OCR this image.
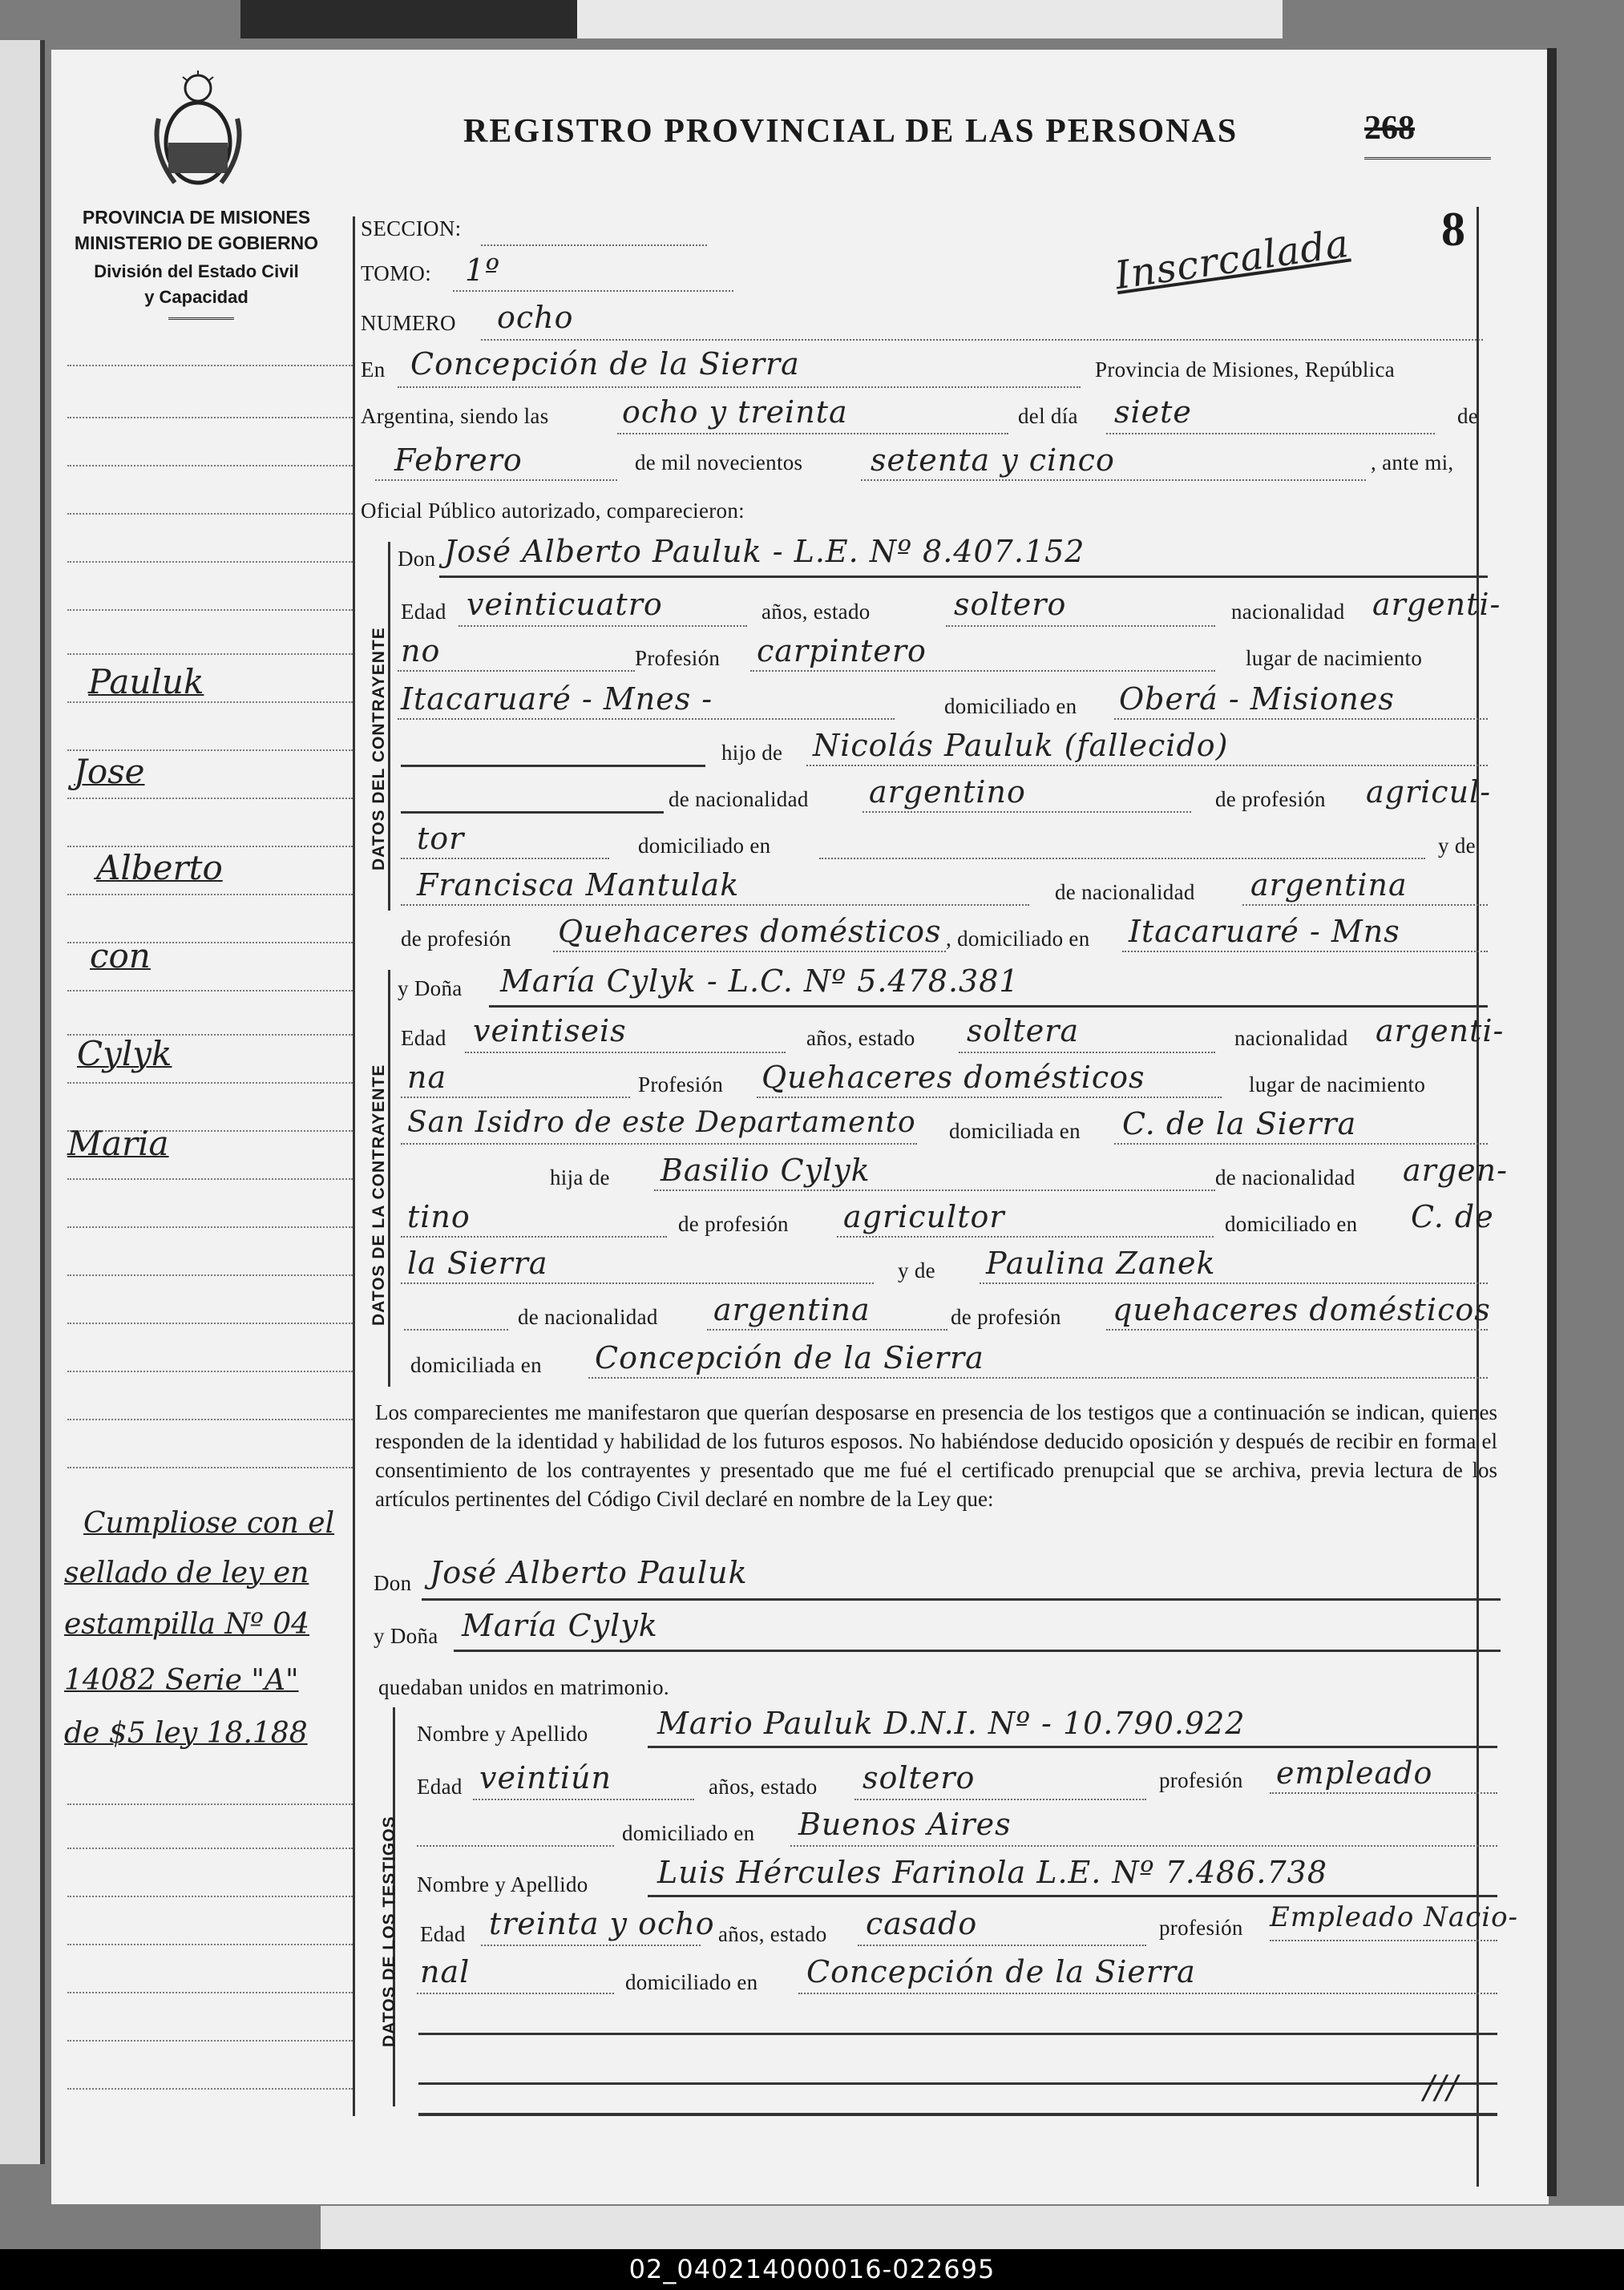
02_040214000016-022695
PROVINCIA DE MISIONES
MINISTERIO DE GOBIERNO
División del Estado Civil
y Capacidad
REGISTRO PROVINCIAL DE LAS PERSONAS	268
8
Inscrcalada
Pauluk
Jose
Alberto
con
Cylyk
Maria
Cumpliose con el
sellado de ley en
estampilla Nº 04
14082 Serie "A"
de $5 ley 18.188
SECCION:
TOMO: 1º
NUMERO ocho
En Concepción de la Sierra	Provincia de Misiones, República
Argentina, siendo las ocho y treinta	del día siete	de
Febrero	de mil novecientos setenta y cinco	, ante mi,
Oficial Público autorizado, comparecieron:
DATOS DEL CONTRAYENTE
Don José Alberto Pauluk - L.E. Nº 8.407.152
Edad veinticuatro	años, estado	soltero	nacionalidad argenti-
no	Profesión carpintero	lugar de nacimiento
Itacaruaré - Mnes -	domiciliado en Oberá - Misiones
hijo de Nicolás Pauluk (fallecido)
de nacionalidad argentino	de profesión agricul-
tor	domiciliado en	y de
Francisca Mantulak	de nacionalidad argentina
de profesión Quehaceres domésticos , domiciliado en Itacaruaré - Mns
DATOS DE LA CONTRAYENTE
y Doña María Cylyk - L.C. Nº 5.478.381
Edad veintiseis	años, estado soltera	nacionalidad argenti-
na	Profesión Quehaceres domésticos	lugar de nacimiento
San Isidro de este Departamento domiciliada en C. de la Sierra
hija de Basilio Cylyk	de nacionalidad argen-
tino	de profesión agricultor	domiciliado en C. de
la Sierra	y de Paulina Zanek
de nacionalidad argentina	de profesión quehaceres domésticos
domiciliada en Concepción de la Sierra
Los comparecientes me manifestaron que querían desposarse en presencia de los testigos que a continuación se indican, quienes responden de la identidad y habilidad de los futuros esposos. No habiéndose deducido oposición y después de recibir en forma el consentimiento de los contrayentes y presentado que me fué el certificado prenupcial que se archiva, previa lectura de los artículos pertinentes del Código Civil declaré en nombre de la Ley que:
Don José Alberto Pauluk
y Doña María Cylyk
quedaban unidos en matrimonio.
DATOS DE LOS TESTIGOS
Nombre y Apellido Mario Pauluk D.N.I. Nº - 10.790.922
Edad veintiún	años, estado soltero	profesión empleado
domiciliado en Buenos Aires
Nombre y Apellido Luis Hércules Farinola L.E. Nº 7.486.738
Edad treinta y ocho años, estado casado	profesión Empleado Nacio-
nal	domiciliado en Concepción de la Sierra
///
